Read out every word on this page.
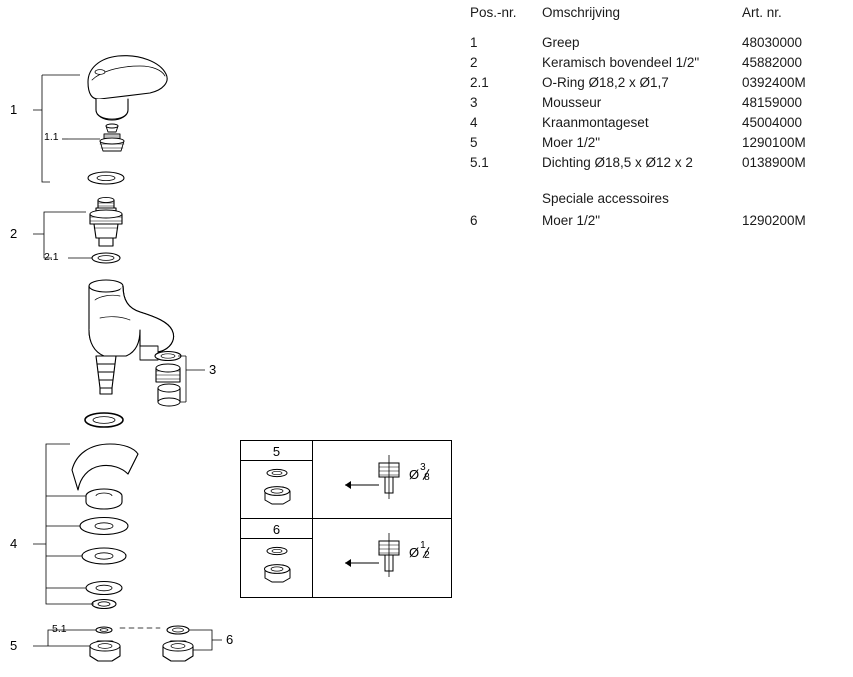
1
1.1
2
2.1
3
4
5
5.1
6
5
Ø 3
8
6
Ø 1
2
Pos.-nr.	Omschrijving	Art. nr.
1	Greep	48030000
2	Keramisch bovendeel 1/2"	45882000
2.1	O-Ring Ø18,2 x Ø1,7	0392400M
3	Mousseur	48159000
4	Kraanmontageset	45004000
5	Moer 1/2"	1290100M
5.1	Dichting Ø18,5 x Ø12 x 2	0138900M
Speciale accessoires
6	Moer 1/2"	1290200M
